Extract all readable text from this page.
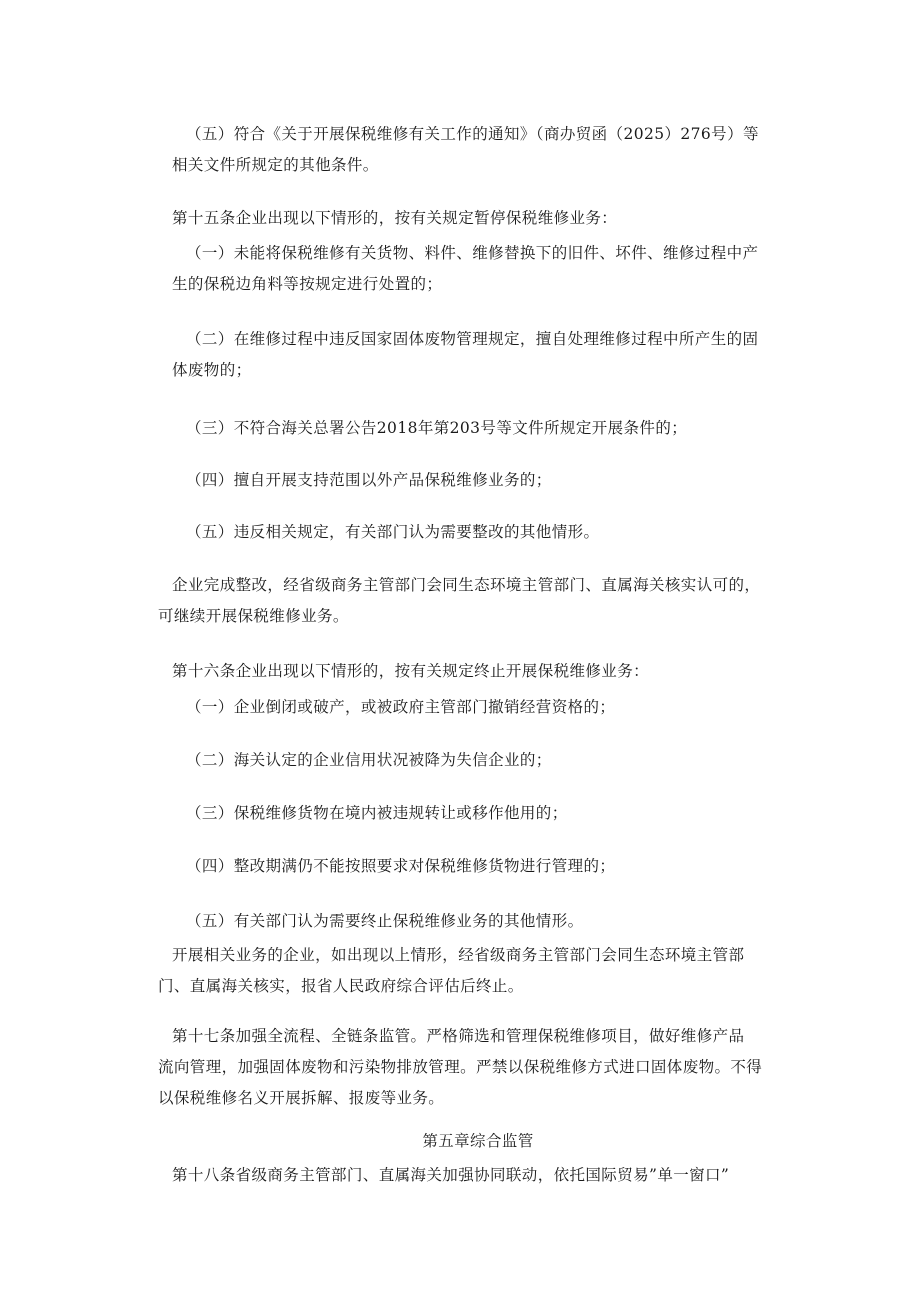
（五）符合《关于开展保税维修有关工作的通知》（商办贸函（2025）276号）等
相关文件所规定的其他条件。
第十五条企业出现以下情形的，按有关规定暂停保税维修业务：
（一）未能将保税维修有关货物、料件、维修替换下的旧件、坏件、维修过程中产
生的保税边角料等按规定进行处置的；
（二）在维修过程中违反国家固体废物管理规定，擅自处理维修过程中所产生的固
体废物的；
（三）不符合海关总署公告2018年第203号等文件所规定开展条件的；
（四）擅自开展支持范围以外产品保税维修业务的；
（五）违反相关规定，有关部门认为需要整改的其他情形。
企业完成整改，经省级商务主管部门会同生态环境主管部门、直属海关核实认可的，
可继续开展保税维修业务。
第十六条企业出现以下情形的，按有关规定终止开展保税维修业务：
（一）企业倒闭或破产，或被政府主管部门撤销经营资格的；
（二）海关认定的企业信用状况被降为失信企业的；
（三）保税维修货物在境内被违规转让或移作他用的；
（四）整改期满仍不能按照要求对保税维修货物进行管理的；
（五）有关部门认为需要终止保税维修业务的其他情形。
开展相关业务的企业，如出现以上情形，经省级商务主管部门会同生态环境主管部
门、直属海关核实，报省人民政府综合评估后终止。
第十七条加强全流程、全链条监管。严格筛选和管理保税维修项目，做好维修产品
流向管理，加强固体废物和污染物排放管理。严禁以保税维修方式进口固体废物。不得
以保税维修名义开展拆解、报废等业务。
第五章综合监管
第十八条省级商务主管部门、直属海关加强协同联动，依托国际贸易”单一窗口”
